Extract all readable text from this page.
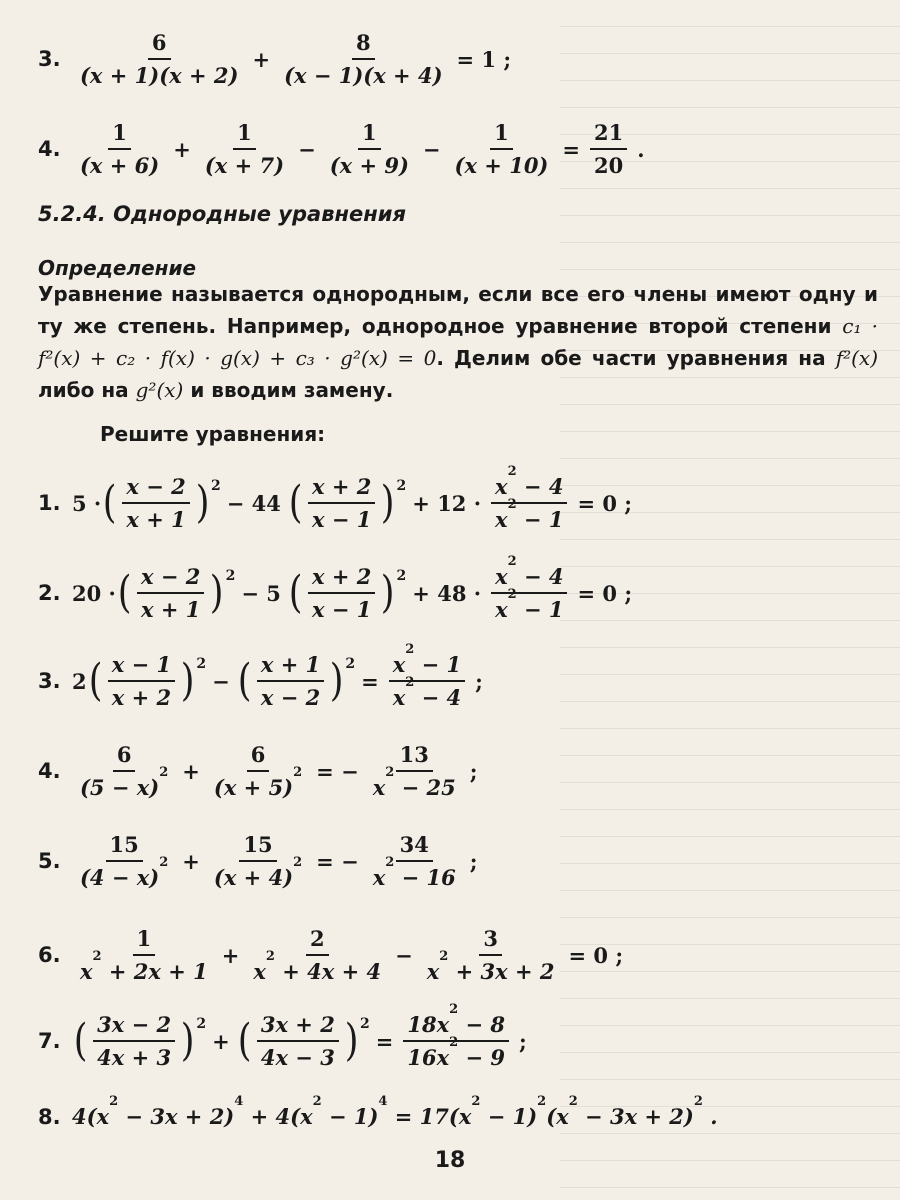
3.
6
(x + 1)(x + 2)
+ $\frac{8}{(x - 1)(x + 4)} = 1$ ;
4.
1
(x + 6)
+ $\frac{1}{(x + 7)} - \frac{1}{(x + 9)} - \frac{1}{(x + 10)} = \frac{21}{20}$ .
5.2.4. Однородные уравнения
Определение
Уравнение называется однородным, если все его члены имеют одну и ту же степень. Например, однородное уравнение второй степени c₁ · f²(x) + c₂ · f(x) · g(x) + c₃ · g²(x) = 0. Делим обе части уравнения на f²(x) либо на g²(x) и вводим замену.
Решите уравнения:
1. 5 · ( x − 2
x + 1 ) 2
− 44 ( x + 2
x − 1 ) 2
+ $12 \cdot \frac{x^2 - 4}{x^2 - 1} = 0$ ;
2. 20 · ( x − 2
x + 1 ) 2
− 5 ( x + 2
x − 1 ) 2
+ $48 \cdot \frac{x^2 - 4}{x^2 - 1} = 0$ ;
3. 2 ( x − 1
x + 2 ) 2
− ( x + 1
x − 2 ) 2
= $\frac{x^2 - 1}{x^2 - 4}$ ;
4.
6
$(5 - x)^2 + \frac{6}{(x + 5)^2}$ = − $\frac{13}{x^2 - 25}$ ;
5.
15
$(4 - x)^2 + \frac{15}{(x + 4)^2}$ = − $\frac{34}{x^2 - 16}$ ;
6.
1
$x^2 + 2x + 1$
+ $\frac{2}{x^2 + 4x + 4} - \frac{3}{x^2 + 3x + 2} = 0$ ;
7. ( 3x − 2
4x + 3 ) 2
+ ( 3x + 2
4x − 3 ) 2
= $\frac{18x^2 - 8}{16x^2 - 9}$ ;
8. $4(x^2 - 3x + 2)^4 + 4(x^2 - 1)^4 = 17(x^2 - 1)^2(x^2 - 3x + 2)^2$ .
18
